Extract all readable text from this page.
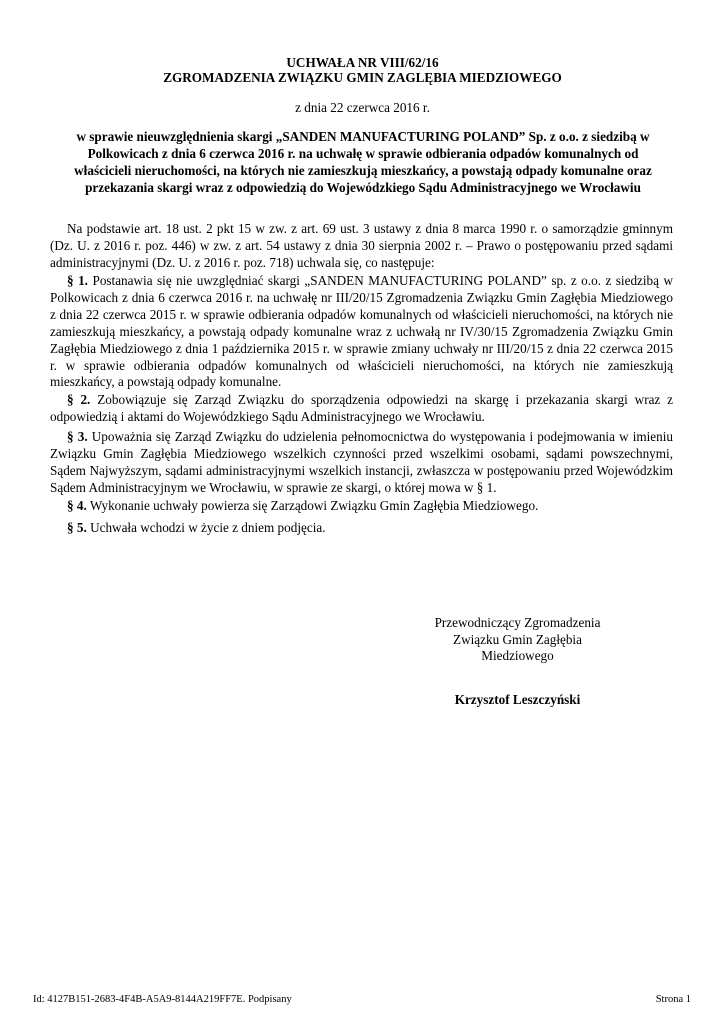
UCHWAŁA NR VIII/62/16
ZGROMADZENIA ZWIĄZKU GMIN ZAGLĘBIA MIEDZIOWEGO
z dnia 22 czerwca 2016 r.
w sprawie nieuwzględnienia skargi „SANDEN MANUFACTURING POLAND” Sp. z o.o. z siedzibą w Polkowicach z dnia 6 czerwca 2016 r. na uchwałę w sprawie odbierania odpadów komunalnych od właścicieli nieruchomości, na których nie zamieszkują mieszkańcy, a powstają odpady komunalne oraz przekazania skargi wraz z odpowiedzią do Wojewódzkiego Sądu Administracyjnego we Wrocławiu

Na podstawie art. 18 ust. 2 pkt 15 w zw. z art. 69 ust. 3 ustawy z dnia 8 marca 1990 r. o samorządzie gminnym (Dz. U. z 2016 r. poz. 446) w zw. z art. 54 ustawy z dnia 30 sierpnia 2002 r. – Prawo o postępowaniu przed sądami administracyjnymi (Dz. U. z 2016 r. poz. 718) uchwala się, co następuje:

§ 1. Postanawia się nie uwzględniać skargi „SANDEN MANUFACTURING POLAND” sp. z o.o. z siedzibą w Polkowicach z dnia 6 czerwca 2016 r. na uchwałę nr III/20/15 Zgromadzenia Związku Gmin Zagłębia Miedziowego z dnia 22 czerwca 2015 r. w sprawie odbierania odpadów komunalnych od właścicieli nieruchomości, na których nie zamieszkują mieszkańcy, a powstają odpady komunalne wraz z uchwałą nr IV/30/15 Zgromadzenia Związku Gmin Zagłębia Miedziowego z dnia 1 października 2015 r. w sprawie zmiany uchwały nr III/20/15 z dnia 22 czerwca 2015 r. w sprawie odbierania odpadów komunalnych od właścicieli nieruchomości, na których nie zamieszkują mieszkańcy, a powstają odpady komunalne.

§ 2. Zobowiązuje się Zarząd Związku do sporządzenia odpowiedzi na skargę i przekazania skargi wraz z odpowiedzią i aktami do Wojewódzkiego Sądu Administracyjnego we Wrocławiu.

§ 3. Upoważnia się Zarząd Związku do udzielenia pełnomocnictwa do występowania i podejmowania w imieniu Związku Gmin Zagłębia Miedziowego wszelkich czynności przed wszelkimi osobami, sądami powszechnymi, Sądem Najwyższym, sądami administracyjnymi wszelkich instancji, zwłaszcza w postępowaniu przed Wojewódzkim Sądem Administracyjnym we Wrocławiu, w sprawie ze skargi, o której mowa w § 1.

§ 4. Wykonanie uchwały powierza się Zarządowi Związku Gmin Zagłębia Miedziowego.

§ 5. Uchwała wchodzi w życie z dniem podjęcia.

Przewodniczący Zgromadzenia
Związku Gmin Zagłębia
Miedziowego
Krzysztof Leszczyński
Id: 4127B151-2683-4F4B-A5A9-8144A219FF7E. Podpisany	Strona 1
